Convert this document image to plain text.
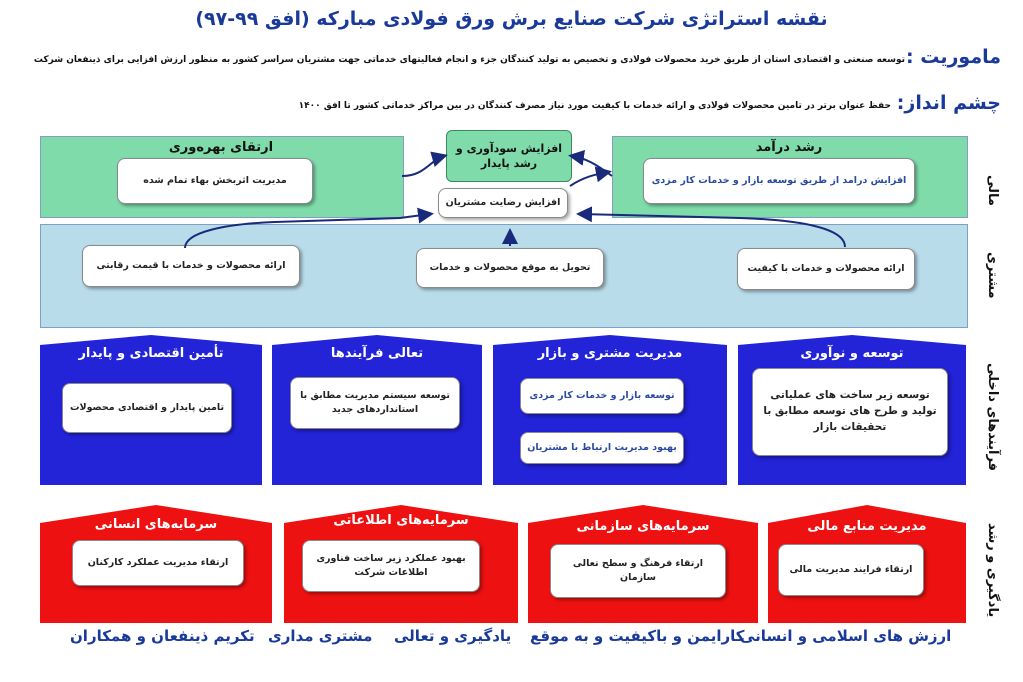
نقشه استراتژی شرکت صنایع برش ورق فولادی مبارکه (افق ۹۹-۹۷)
ماموریت :
توسعه صنعتی و اقتصادی استان از طریق خرید محصولات فولادی و تخصیص به تولید کنندگان جزء و انجام فعالیتهای خدماتی جهت مشتریان سراسر کشور به منظور ارزش افزایی برای ذینفعان شرکت
چشم انداز:
حفظ عنوان برتر در تامین محصولات فولادی و ارائه خدمات با کیفیت مورد نیاز مصرف کنندگان در بین مراکز خدماتی کشور تا افق ۱۴۰۰
مالی
مشتری
فرآیندهای داخلی
یادگیری و رشد
ارتقای بهره‌وری
مدیریت اثربخش بهاء تمام شده
رشد درآمد
افزایش درامد از طریق توسعه بازار و خدمات کار مزدی
افزایش سودآوری و رشد پایدار
افزایش رضایت مشتریان
ارائه محصولات و خدمات با قیمت رقابتی	تحویل به موقع محصولات و خدمات	ارائه محصولات و خدمات با کیفیت
تأمین اقتصادی و پایدار
تامین پایدار و اقتصادی محصولات
تعالی فرآیندها
توسعه سیستم مدیریت مطابق با استانداردهای جدید
مدیریت مشتری و بازار
توسعه بازار و خدمات کار مزدی
بهبود مدیریت ارتباط با مشتریان
توسعه و نوآوری
توسعه زیر ساخت های عملیاتی تولید و طرح های توسعه مطابق با تحقیقات بازار
سرمایه‌های انسانی
ارتقاء مدیریت عملکرد کارکنان
سرمایه‌های اطلاعاتی
بهبود عملکرد زیر ساخت فناوری اطلاعات شرکت
سرمایه‌های سازمانی
ارتقاء فرهنگ و سطح تعالی سازمان
مدیریت منابع مالی
ارتقاء فرایند مدیریت مالی
ارزش های اسلامی و انسانی
کارایمن و باکیفیت و به موقع
یادگیری و تعالی
مشتری مداری
تکریم ذینفعان و همکاران
